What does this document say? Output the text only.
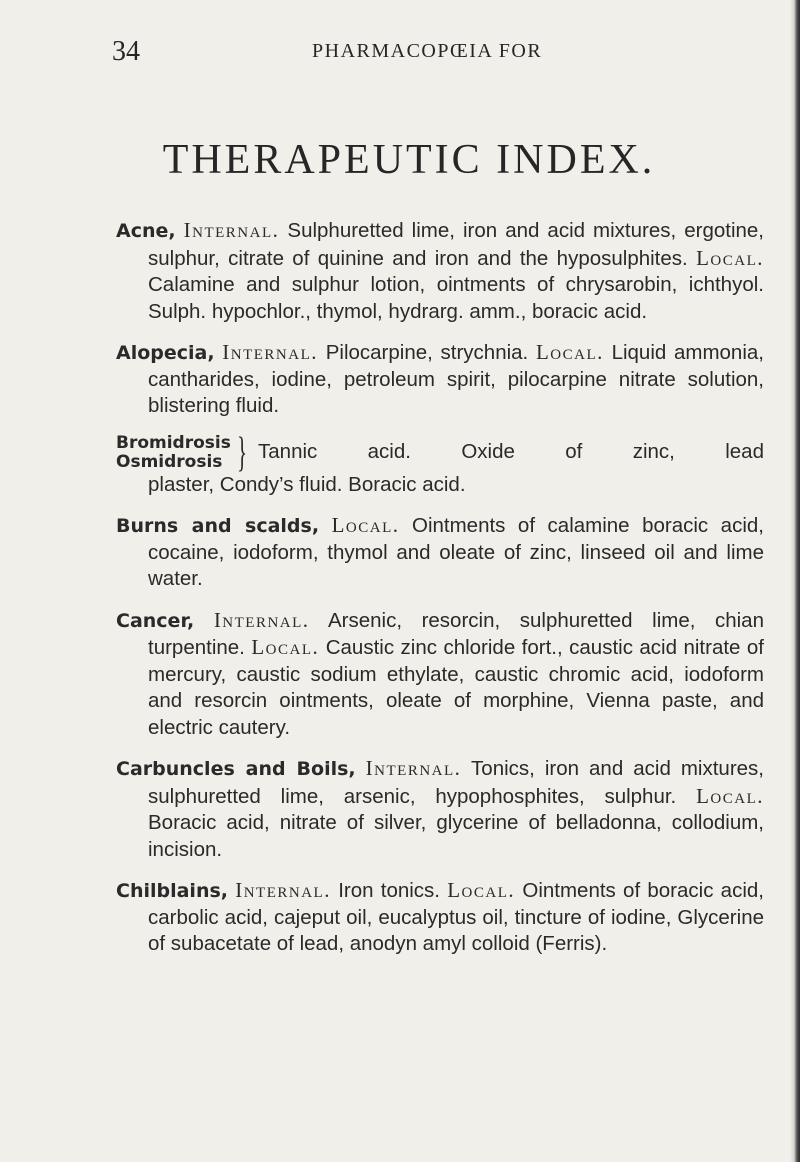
34	PHARMACOPŒIA FOR
THERAPEUTIC INDEX.

Acne, Internal. Sulphuretted lime, iron and acid mixtures, ergotine, sulphur, citrate of quinine and iron and the hyposulphites. Local. Calamine and sulphur lotion, ointments of chrysarobin, ichthyol. Sulph. hypochlor., thymol, hydrarg. amm., boracic acid.

Alopecia, Internal. Pilocarpine, strychnia. Local. Liquid ammonia, cantharides, iodine, petroleum spirit, pilocarpine nitrate solution, blistering fluid.

Bromidrosis
Osmidrosis } Tannic acid. Oxide of zinc, lead
plaster, Condy’s fluid. Boracic acid.

Burns and scalds, Local. Ointments of calamine boracic acid, cocaine, iodoform, thymol and oleate of zinc, linseed oil and lime water.

Cancer, Internal. Arsenic, resorcin, sulphuretted lime, chian turpentine. Local. Caustic zinc chloride fort., caustic acid nitrate of mercury, caustic sodium ethylate, caustic chromic acid, iodoform and resorcin ointments, oleate of morphine, Vienna paste, and electric cautery.

Carbuncles and Boils, Internal. Tonics, iron and acid mixtures, sulphuretted lime, arsenic, hypophosphites, sulphur. Local. Boracic acid, nitrate of silver, glycerine of belladonna, collodium, incision.

Chilblains, Internal. Iron tonics. Local. Ointments of boracic acid, carbolic acid, cajeput oil, eucalyptus oil, tincture of iodine, Glycerine of subacetate of lead, anodyn amyl colloid (Ferris).
